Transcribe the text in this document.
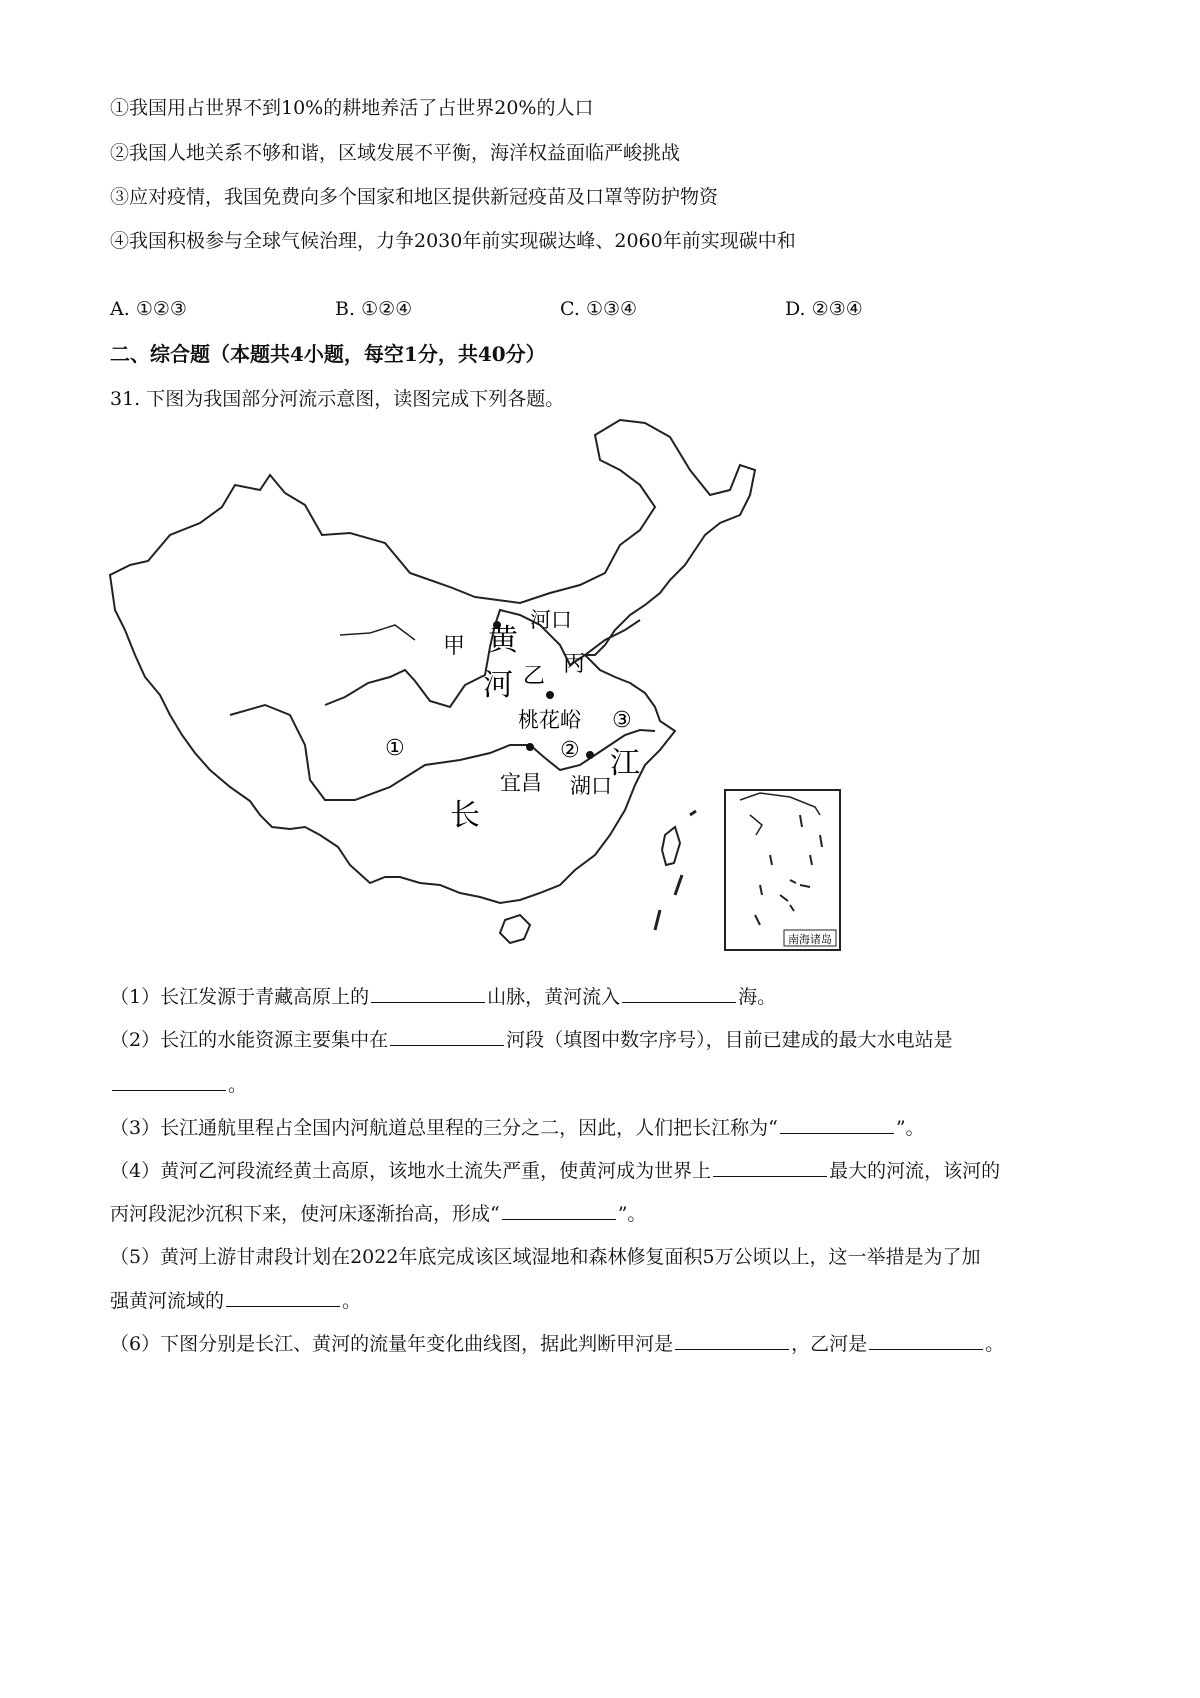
①我国用占世界不到10%的耕地养活了占世界20%的人口
②我国人地关系不够和谐，区域发展不平衡，海洋权益面临严峻挑战
③应对疫情，我国免费向多个国家和地区提供新冠疫苗及口罩等防护物资
④我国积极参与全球气候治理，力争2030年前实现碳达峰、2060年前实现碳中和
A. ①②③	B. ①②④	C. ①③④	D. ②③④
二、综合题（本题共4小题，每空1分，共40分）
31. 下图为我国部分河流示意图，读图完成下列各题。
黄
河
甲
乙 丙
河口
桃花峪
宜昌 湖口
长
江
①	②
③
南海诸岛
（1）长江发源于青藏高原上的	山脉，黄河流入	海。
（2）长江的水能资源主要集中在	河段（填图中数字序号），目前已建成的最大水电站是
。
（3）长江通航里程占全国内河航道总里程的三分之二，因此，人们把长江称为“	”。
（4）黄河乙河段流经黄土高原，该地水土流失严重，使黄河成为世界上	最大的河流，该河的
丙河段泥沙沉积下来，使河床逐渐抬高，形成“	”。
（5）黄河上游甘肃段计划在2022年底完成该区域湿地和森林修复面积5万公顷以上，这一举措是为了加
强黄河流域的	。
（6）下图分别是长江、黄河的流量年变化曲线图，据此判断甲河是	，乙河是	。
